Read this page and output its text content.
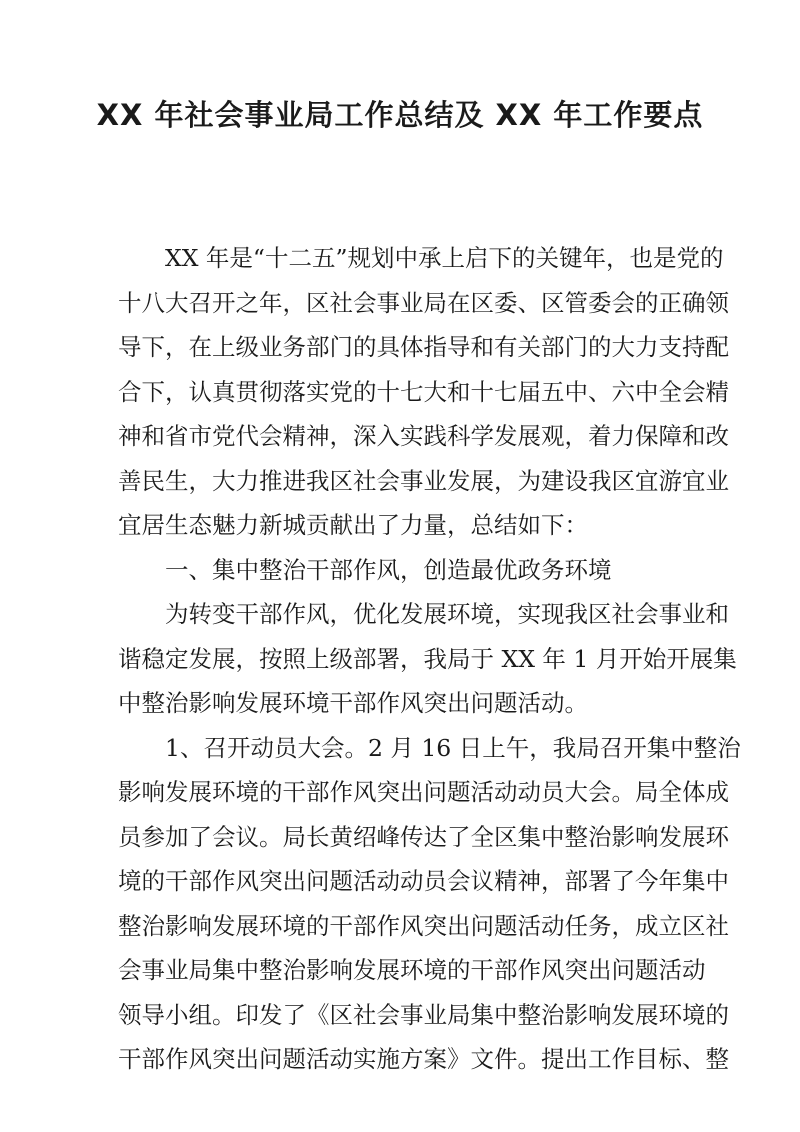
XX 年社会事业局工作总结及 XX 年工作要点
XX 年是“十二五”规划中承上启下的关键年，也是党的
十八大召开之年，区社会事业局在区委、区管委会的正确领
导下，在上级业务部门的具体指导和有关部门的大力支持配
合下，认真贯彻落实党的十七大和十七届五中、六中全会精
神和省市党代会精神，深入实践科学发展观，着力保障和改
善民生，大力推进我区社会事业发展，为建设我区宜游宜业
宜居生态魅力新城贡献出了力量，总结如下：
一、集中整治干部作风，创造最优政务环境
为转变干部作风，优化发展环境，实现我区社会事业和
谐稳定发展，按照上级部署，我局于 XX 年 1 月开始开展集
中整治影响发展环境干部作风突出问题活动。
1、召开动员大会。2 月 16 日上午，我局召开集中整治
影响发展环境的干部作风突出问题活动动员大会。局全体成
员参加了会议。局长黄绍峰传达了全区集中整治影响发展环
境的干部作风突出问题活动动员会议精神，部署了今年集中
整治影响发展环境的干部作风突出问题活动任务，成立区社
会事业局集中整治影响发展环境的干部作风突出问题活动
领导小组。印发了《区社会事业局集中整治影响发展环境的
干部作风突出问题活动实施方案》文件。提出工作目标、整
